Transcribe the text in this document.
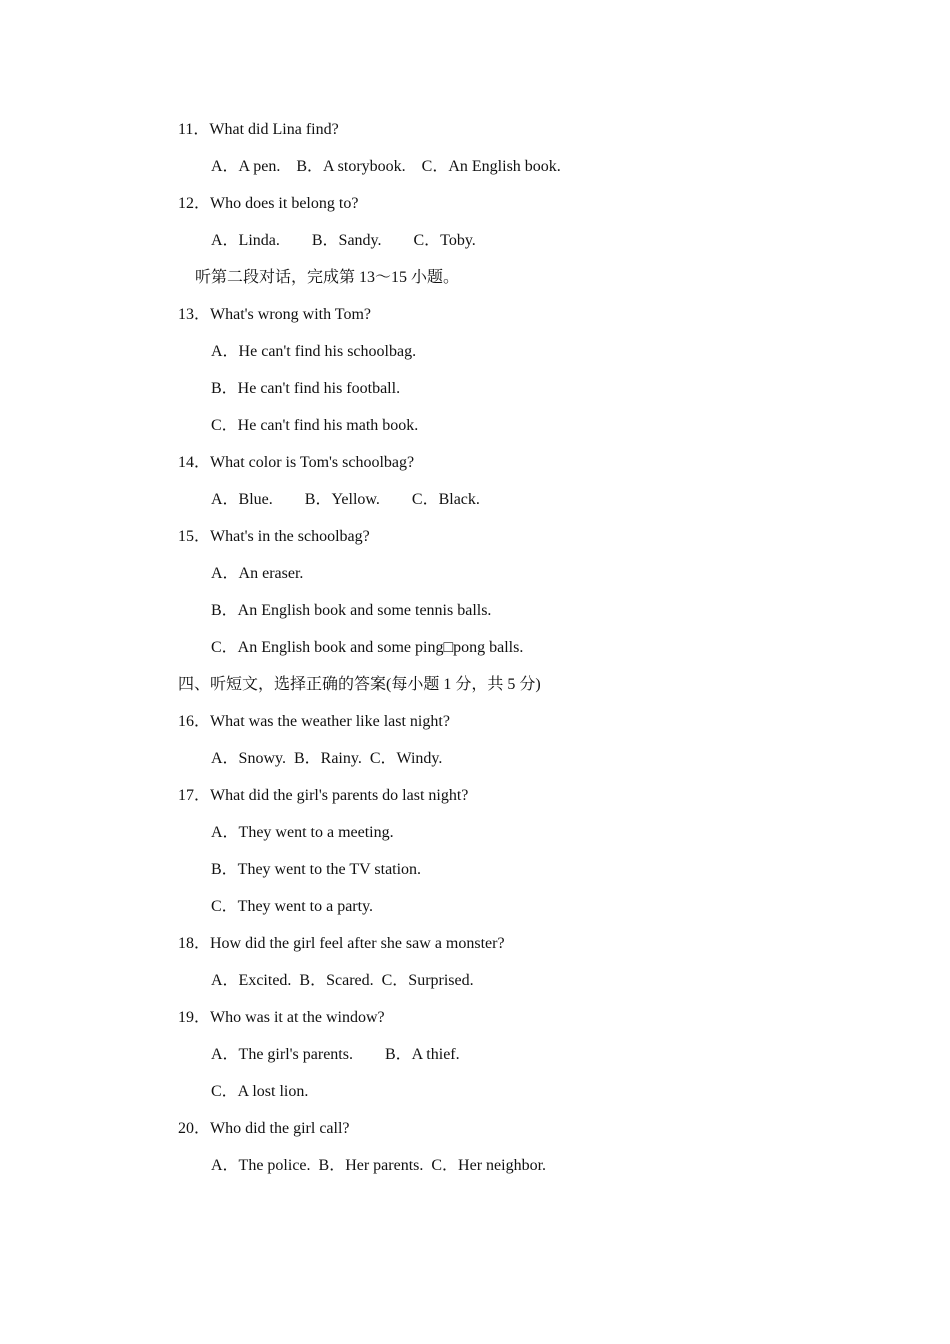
11．What did Lina find?
A．A pen.    B．A storybook.    C．An English book.
12．Who does it belong to?
A．Linda.        B．Sandy.        C．Toby.
听第二段对话，完成第 13～15 小题。
13．What's wrong with Tom?
A．He can't find his schoolbag.
B．He can't find his football.
C．He can't find his math book.
14．What color is Tom's schoolbag?
A．Blue.        B．Yellow.        C．Black.
15．What's in the schoolbag?
A．An eraser.
B．An English book and some tennis balls.
C．An English book and some ping□pong balls.
四、听短文，选择正确的答案(每小题 1 分，共 5 分)
16．What was the weather like last night?
A．Snowy.  B．Rainy.  C．Windy.
17．What did the girl's parents do last night?
A．They went to a meeting.
B．They went to the TV station.
C．They went to a party.
18．How did the girl feel after she saw a monster?
A．Excited.  B．Scared.  C．Surprised.
19．Who was it at the window?
A．The girl's parents.        B．A thief.
C．A lost lion.
20．Who did the girl call?
A．The police.  B．Her parents.  C．Her neighbor.
